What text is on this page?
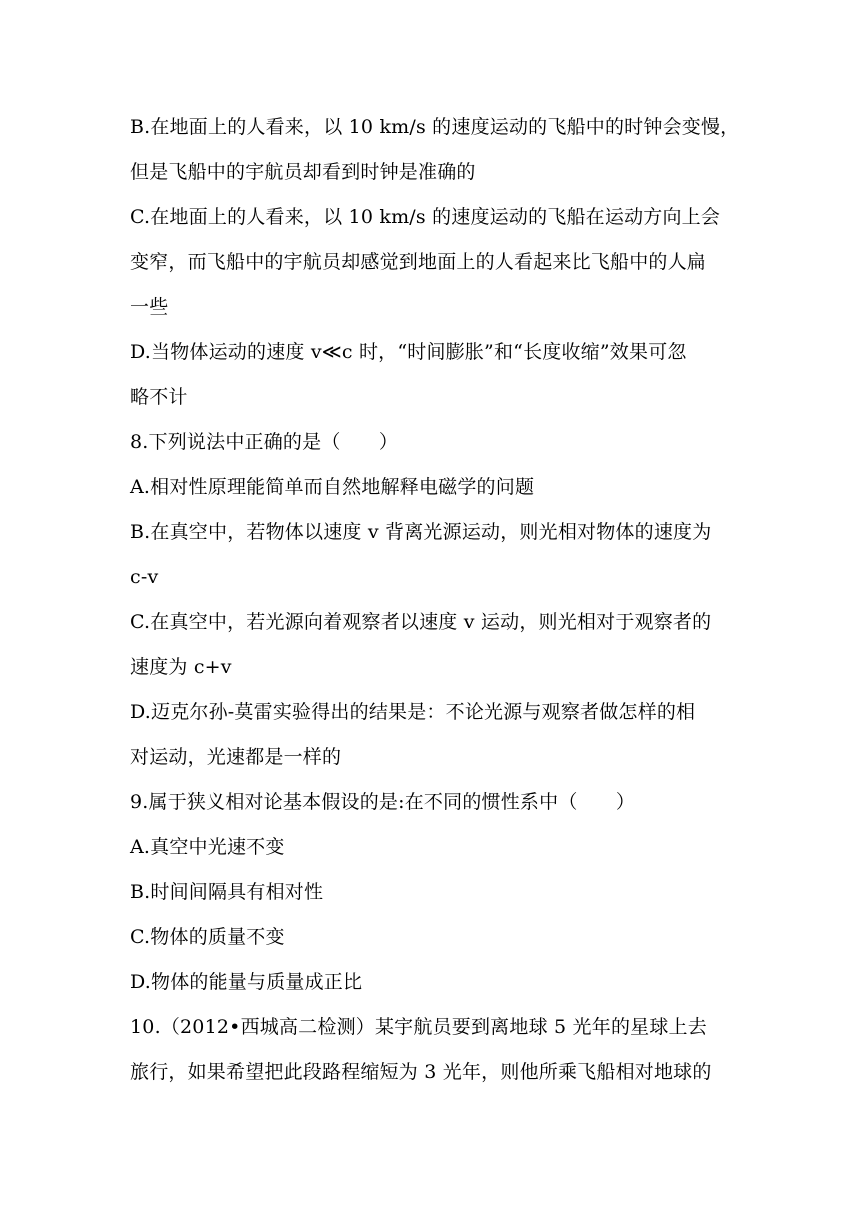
B.在地面上的人看来，以 10 km/s 的速度运动的飞船中的时钟会变慢，
但是飞船中的宇航员却看到时钟是准确的
C.在地面上的人看来，以 10 km/s 的速度运动的飞船在运动方向上会
变窄，而飞船中的宇航员却感觉到地面上的人看起来比飞船中的人扁
一些
D.当物体运动的速度 v≪c 时，“时间膨胀”和“长度收缩”效果可忽
略不计
8.下列说法中正确的是（　　）
A.相对性原理能简单而自然地解释电磁学的问题
B.在真空中，若物体以速度 v 背离光源运动，则光相对物体的速度为
c-v
C.在真空中，若光源向着观察者以速度 v 运动，则光相对于观察者的
速度为 c+v
D.迈克尔孙-莫雷实验得出的结果是：不论光源与观察者做怎样的相
对运动，光速都是一样的
9.属于狭义相对论基本假设的是:在不同的惯性系中（　　）
A.真空中光速不变
B.时间间隔具有相对性
C.物体的质量不变
D.物体的能量与质量成正比
10.（2012•西城高二检测）某宇航员要到离地球 5 光年的星球上去
旅行，如果希望把此段路程缩短为 3 光年，则他所乘飞船相对地球的
